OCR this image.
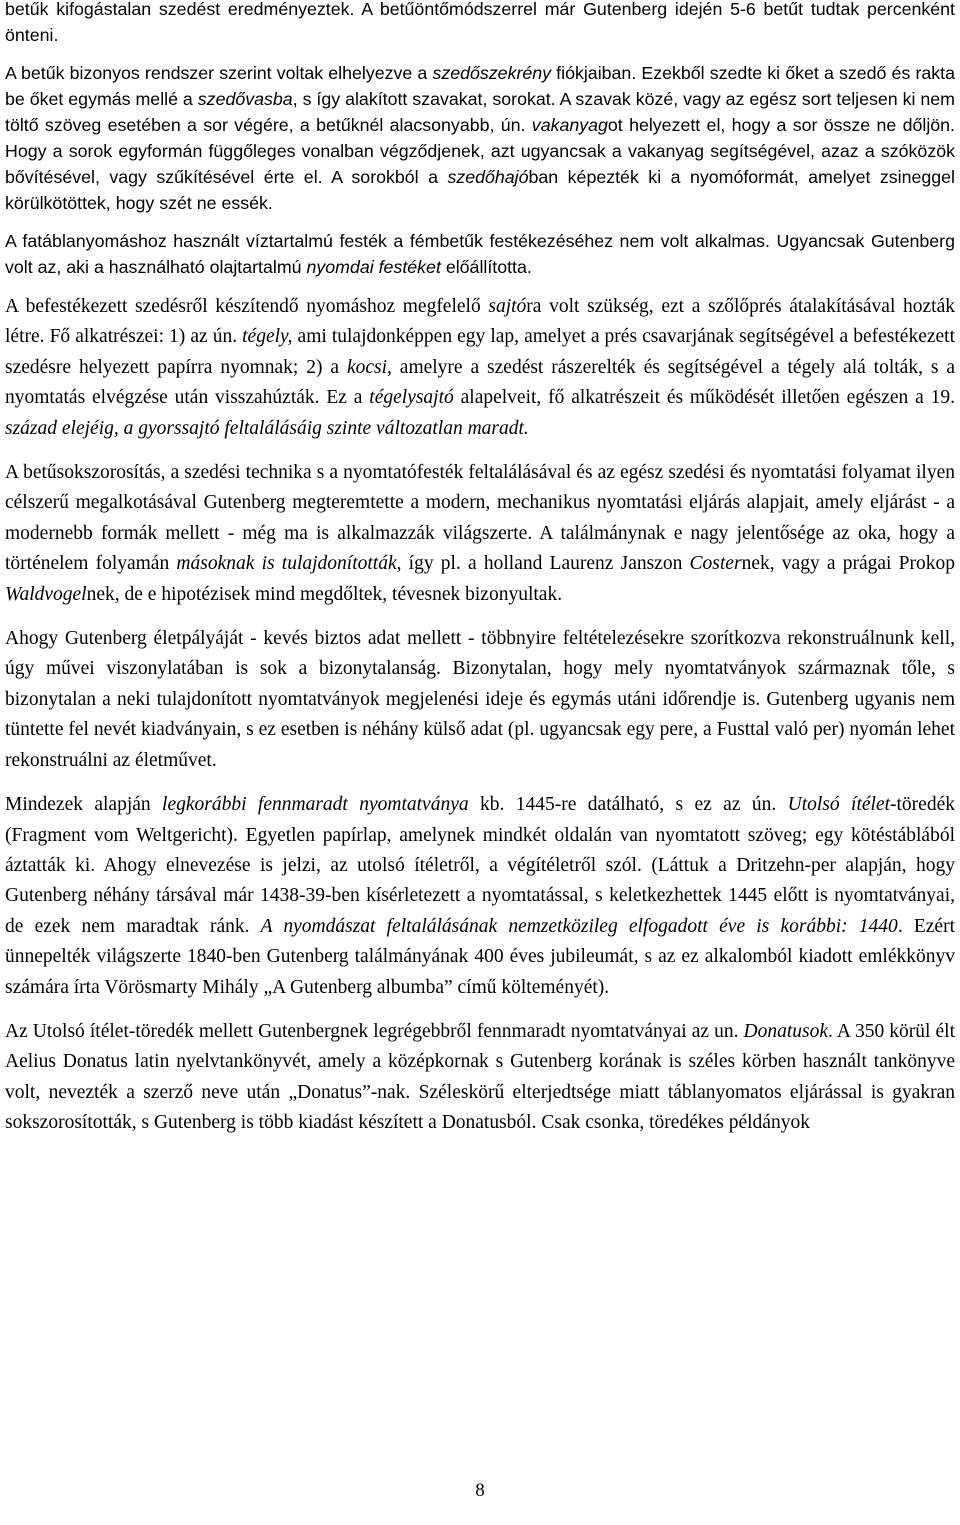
betűk kifogástalan szedést eredményeztek. A betűöntőmódszerrel már Gutenberg idején 5-6 betűt tudtak percenként önteni.

A betűk bizonyos rendszer szerint voltak elhelyezve a szedőszekrény fiókjaiban. Ezekből szedte ki őket a szedő és rakta be őket egymás mellé a szedővasba, s így alakított szavakat, sorokat. A szavak közé, vagy az egész sort teljesen ki nem töltő szöveg esetében a sor végére, a betűknél alacsonyabb, ún. vakanyagot helyezett el, hogy a sor össze ne dőljön. Hogy a sorok egyformán függőleges vonalban végződjenek, azt ugyancsak a vakanyag segítségével, azaz a szóközök bővítésével, vagy szűkítésével érte el. A sorokból a szedőhajóban képezték ki a nyomóformát, amelyet zsineggel körülkötöttek, hogy szét ne essék.

A fatáblanyomáshoz használt víztartalmú festék a fémbetűk festékezéséhez nem volt alkalmas. Ugyancsak Gutenberg volt az, aki a használható olajtartalmú nyomdai festéket előállította.

A befestékezett szedésről készítendő nyomáshoz megfelelő sajtóra volt szükség, ezt a szőlőprés átalakításával hozták létre. Fő alkatrészei: 1) az ún. tégely, ami tulajdonképpen egy lap, amelyet a prés csavarjának segítségével a befestékezett szedésre helyezett papírra nyomnak; 2) a kocsi, amelyre a szedést rászerelték és segítségével a tégely alá tolták, s a nyomtatás elvégzése után visszahúzták. Ez a tégelysajtó alapelveit, fő alkatrészeit és működését illetően egészen a 19. század elejéig, a gyorssajtó feltalálásáig szinte változatlan maradt.

A betűsokszorosítás, a szedési technika s a nyomtatófesték feltalálásával és az egész szedési és nyomtatási folyamat ilyen célszerű megalkotásával Gutenberg megteremtette a modern, mechanikus nyomtatási eljárás alapjait, amely eljárást - a modernebb formák mellett - még ma is alkalmazzák világszerte. A találmánynak e nagy jelentősége az oka, hogy a történelem folyamán másoknak is tulajdonították, így pl. a holland Laurenz Janszon Costernek, vagy a prágai Prokop Waldvogelnek, de e hipotézisek mind megdőltek, tévesnek bizonyultak.

Ahogy Gutenberg életpályáját - kevés biztos adat mellett - többnyire feltételezésekre szorítkozva rekonstruálnunk kell, úgy művei viszonylatában is sok a bizonytalanság. Bizonytalan, hogy mely nyomtatványok származnak tőle, s bizonytalan a neki tulajdonított nyomtatványok megjelenési ideje és egymás utáni időrendje is. Gutenberg ugyanis nem tüntette fel nevét kiadványain, s ez esetben is néhány külső adat (pl. ugyancsak egy pere, a Fusttal való per) nyomán lehet rekonstruálni az életművet.

Mindezek alapján legkorábbi fennmaradt nyomtatványa kb. 1445-re datálható, s ez az ún. Utolsó ítélet-töredék (Fragment vom Weltgericht). Egyetlen papírlap, amelynek mindkét oldalán van nyomtatott szöveg; egy kötéstáblából áztatták ki. Ahogy elnevezése is jelzi, az utolsó ítéletről, a végítéletről szól. (Láttuk a Dritzehn-per alapján, hogy Gutenberg néhány társával már 1438-39-ben kísérletezett a nyomtatással, s keletkezhettek 1445 előtt is nyomtatványai, de ezek nem maradtak ránk. A nyomdászat feltalálásának nemzetközileg elfogadott éve is korábbi: 1440. Ezért ünnepelték világszerte 1840-ben Gutenberg találmányának 400 éves jubileumát, s az ez alkalomból kiadott emlékkönyv számára írta Vörösmarty Mihály „A Gutenberg albumba” című költeményét).

Az Utolsó ítélet-töredék mellett Gutenbergnek legrégebbről fennmaradt nyomtatványai az un. Donatusok. A 350 körül élt Aelius Donatus latin nyelvtankönyvét, amely a középkornak s Gutenberg korának is széles körben használt tankönyve volt, nevezték a szerző neve után „Donatus”-nak. Széleskörű elterjedtsége miatt táblanyomatos eljárással is gyakran sokszorosították, s Gutenberg is több kiadást készített a Donatusból. Csak csonka, töredékes példányok

8
